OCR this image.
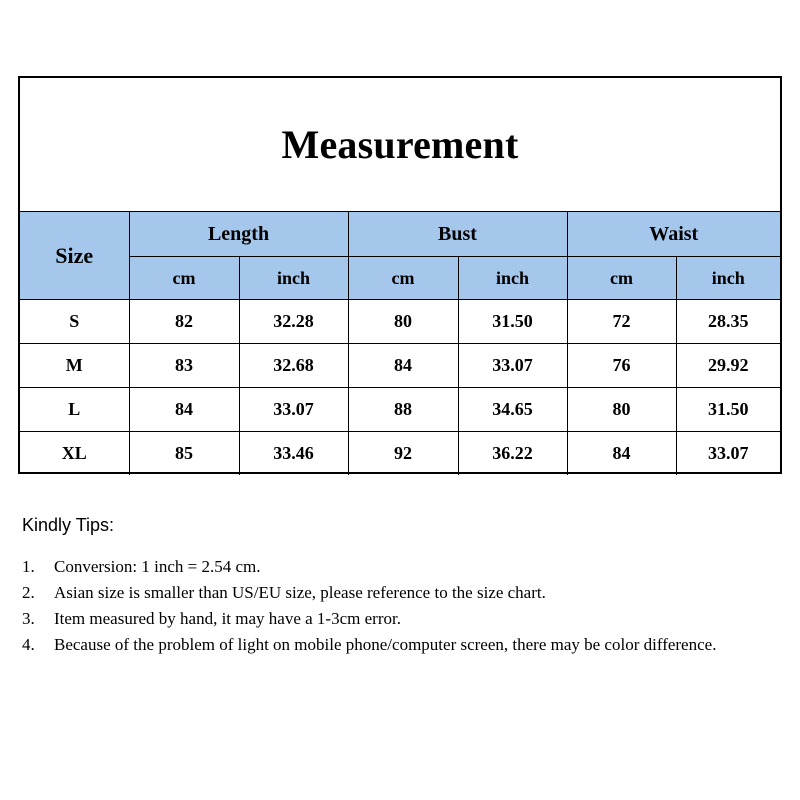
Measurement
Size	Length		Bust		Waist	
	cm	inch	cm	inch	cm	inch
S	82	32.28	80	31.50	72	28.35
M	83	32.68	84	33.07	76	29.92
L	84	33.07	88	34.65	80	31.50
XL	85	33.46	92	36.22	84	33.07
Kindly Tips:
1.	Conversion: 1 inch = 2.54 cm.
2.	Asian size is smaller than US/EU size, please reference to the size chart.
3.	Item measured by hand, it may have a 1-3cm error.
4.	Because of the problem of light on mobile phone/computer screen, there may be color difference.
